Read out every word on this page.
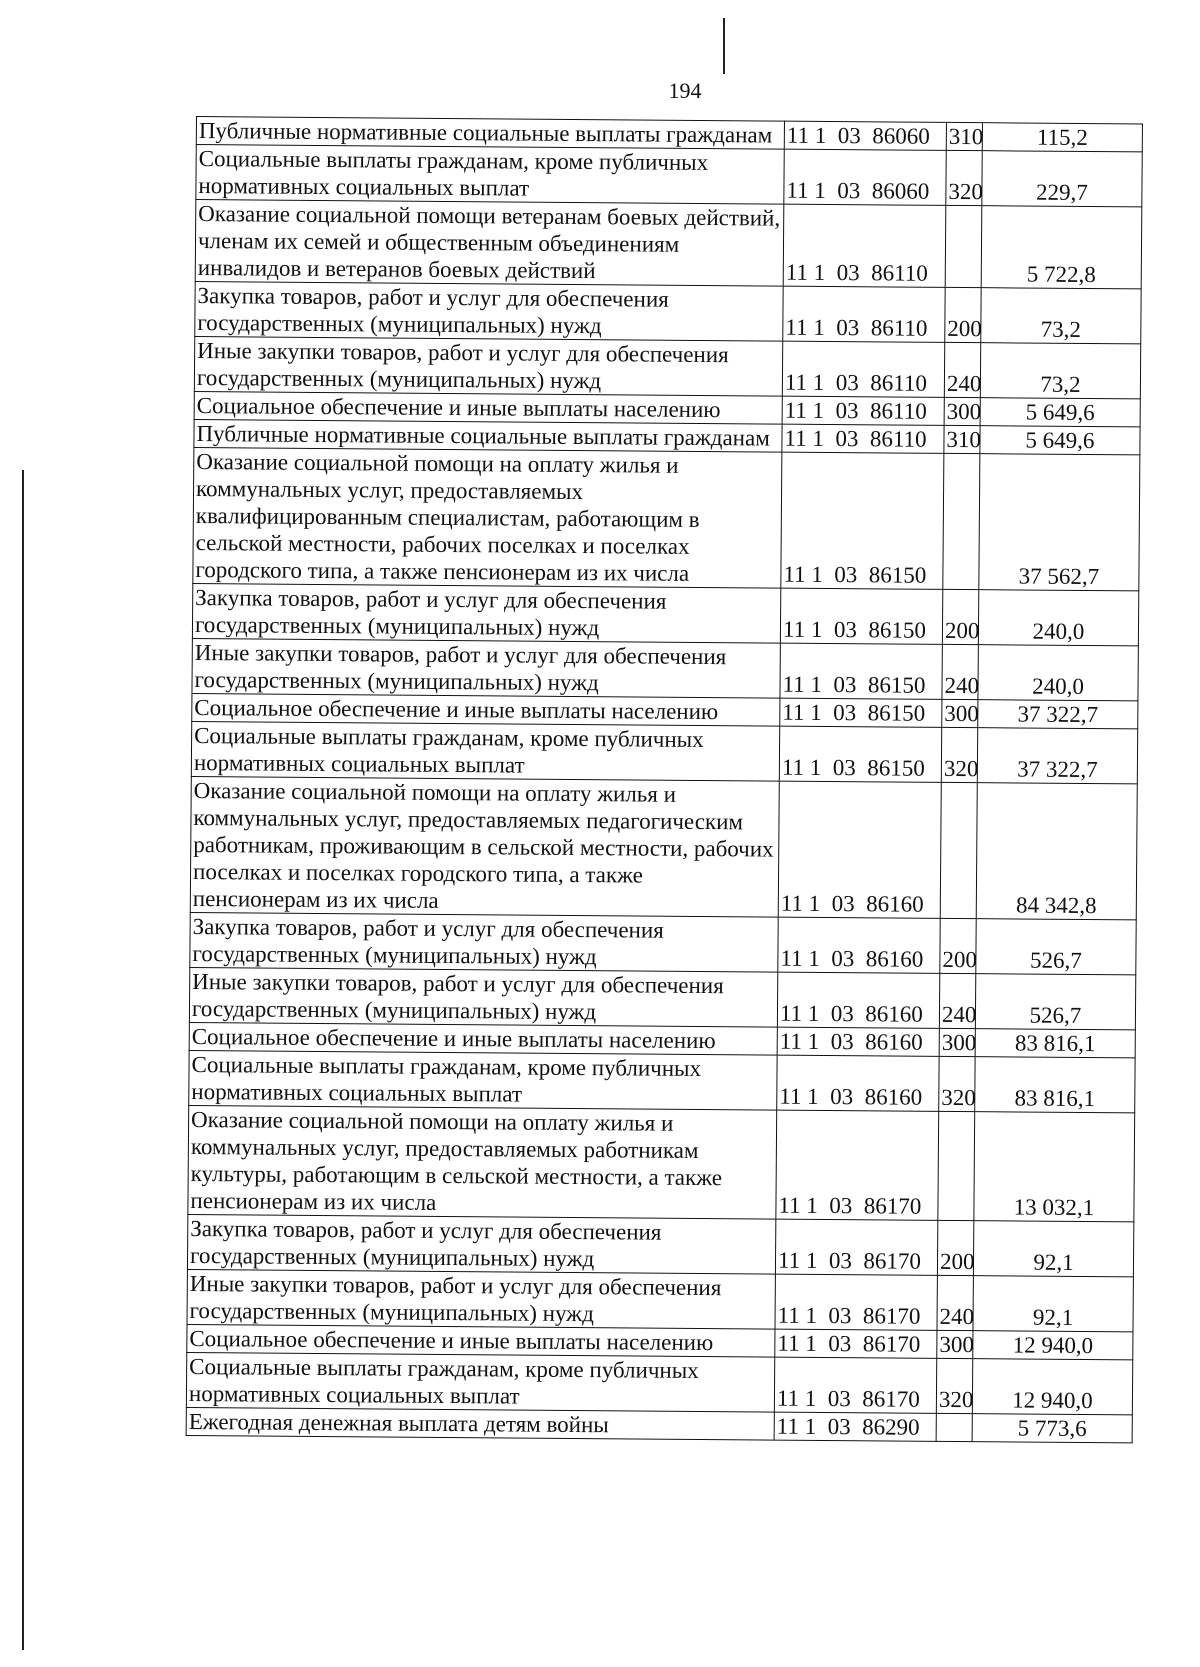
194
Публичные нормативные социальные выплаты гражданам	11 1  03  86060	310	115,2
Социальные выплаты гражданам, кроме публичных нормативных социальных выплат	11 1  03  86060	320	229,7
Оказание социальной помощи ветеранам боевых действий, членам их семей и общественным объединениям инвалидов и ветеранов боевых действий	11 1  03  86110		5 722,8
Закупка товаров, работ и услуг для обеспечения государственных (муниципальных) нужд	11 1  03  86110	200	73,2
Иные закупки товаров, работ и услуг для обеспечения государственных (муниципальных) нужд	11 1  03  86110	240	73,2
Социальное обеспечение и иные выплаты населению	11 1  03  86110	300	5 649,6
Публичные нормативные социальные выплаты гражданам	11 1  03  86110	310	5 649,6
Оказание социальной помощи на оплату жилья и коммунальных услуг, предоставляемых квалифицированным специалистам, работающим в сельской местности, рабочих поселках и поселках городского типа, а также пенсионерам из их числа	11 1  03  86150		37 562,7
Закупка товаров, работ и услуг для обеспечения государственных (муниципальных) нужд	11 1  03  86150	200	240,0
Иные закупки товаров, работ и услуг для обеспечения государственных (муниципальных) нужд	11 1  03  86150	240	240,0
Социальное обеспечение и иные выплаты населению	11 1  03  86150	300	37 322,7
Социальные выплаты гражданам, кроме публичных нормативных социальных выплат	11 1  03  86150	320	37 322,7
Оказание социальной помощи на оплату жилья и коммунальных услуг, предоставляемых педагогическим работникам, проживающим в сельской местности, рабочих поселках и поселках городского типа, а также пенсионерам из их числа	11 1  03  86160		84 342,8
Закупка товаров, работ и услуг для обеспечения государственных (муниципальных) нужд	11 1  03  86160	200	526,7
Иные закупки товаров, работ и услуг для обеспечения государственных (муниципальных) нужд	11 1  03  86160	240	526,7
Социальное обеспечение и иные выплаты населению	11 1  03  86160	300	83 816,1
Социальные выплаты гражданам, кроме публичных нормативных социальных выплат	11 1  03  86160	320	83 816,1
Оказание социальной помощи на оплату жилья и коммунальных услуг, предоставляемых работникам культуры, работающим в сельской местности, а также пенсионерам из их числа	11 1  03  86170		13 032,1
Закупка товаров, работ и услуг для обеспечения государственных (муниципальных) нужд	11 1  03  86170	200	92,1
Иные закупки товаров, работ и услуг для обеспечения государственных (муниципальных) нужд	11 1  03  86170	240	92,1
Социальное обеспечение и иные выплаты населению	11 1  03  86170	300	12 940,0
Социальные выплаты гражданам, кроме публичных нормативных социальных выплат	11 1  03  86170	320	12 940,0
Ежегодная денежная выплата детям войны	11 1  03  86290		5 773,6
